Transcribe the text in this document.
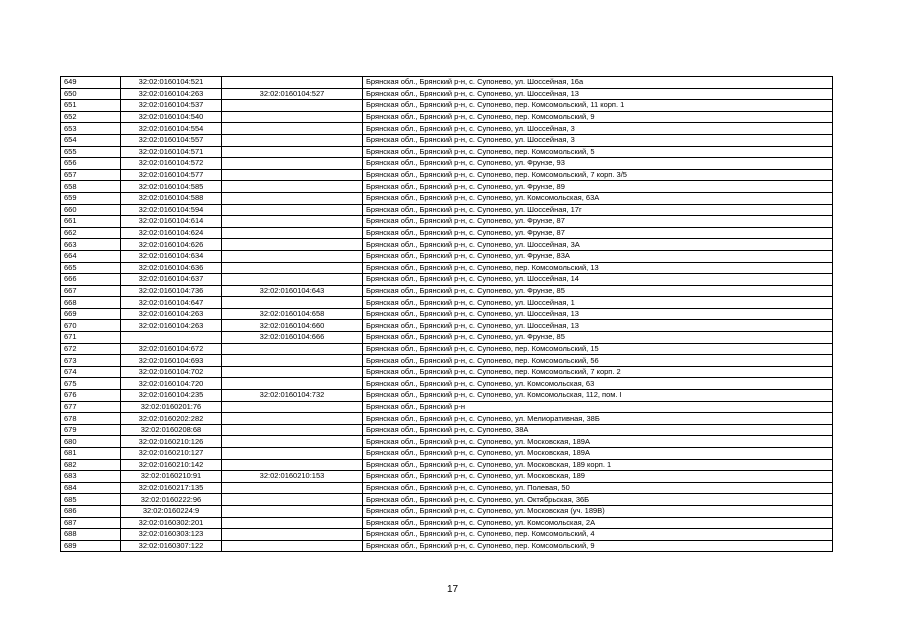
649	32:02:0160104:521		Брянская обл., Брянский р-н, с. Супонево, ул. Шоссейная, 16а
650	32:02:0160104:263	32:02:0160104:527	Брянская обл., Брянский р-н, с. Супонево, ул. Шоссейная, 13
651	32:02:0160104:537		Брянская обл., Брянский р-н, с. Супонево, пер. Комсомольский, 11 корп. 1
652	32:02:0160104:540		Брянская обл., Брянский р-н, с. Супонево, пер. Комсомольский, 9
653	32:02:0160104:554		Брянская обл., Брянский р-н, с. Супонево, ул. Шоссейная, 3
654	32:02:0160104:557		Брянская обл., Брянский р-н, с. Супонево, ул. Шоссейная, 3
655	32:02:0160104:571		Брянская обл., Брянский р-н, с. Супонево, пер. Комсомольский, 5
656	32:02:0160104:572		Брянская обл., Брянский р-н, с. Супонево, ул. Фрунзе, 93
657	32:02:0160104:577		Брянская обл., Брянский р-н, с. Супонево, пер. Комсомольский, 7 корп. 3/5
658	32:02:0160104:585		Брянская обл., Брянский р-н, с. Супонево, ул. Фрунзе, 89
659	32:02:0160104:588		Брянская обл., Брянский р-н, с. Супонево, ул. Комсомольская, 63А
660	32:02:0160104:594		Брянская обл., Брянский р-н, с. Супонево, ул. Шоссейная, 17г
661	32:02:0160104:614		Брянская обл., Брянский р-н, с. Супонево, ул. Фрунзе, 87
662	32:02:0160104:624		Брянская обл., Брянский р-н, с. Супонево, ул. Фрунзе, 87
663	32:02:0160104:626		Брянская обл., Брянский р-н, с. Супонево, ул. Шоссейная, 3А
664	32:02:0160104:634		Брянская обл., Брянский р-н, с. Супонево, ул. Фрунзе, 83А
665	32:02:0160104:636		Брянская обл., Брянский р-н, с. Супонево, пер. Комсомольский, 13
666	32:02:0160104:637		Брянская обл., Брянский р-н, с. Супонево, ул. Шоссейная, 14
667	32:02:0160104:736	32:02:0160104:643	Брянская обл., Брянский р-н, с. Супонево, ул. Фрунзе, 85
668	32:02:0160104:647		Брянская обл., Брянский р-н, с. Супонево, ул. Шоссейная, 1
669	32:02:0160104:263	32:02:0160104:658	Брянская обл., Брянский р-н, с. Супонево, ул. Шоссейная, 13
670	32:02:0160104:263	32:02:0160104:660	Брянская обл., Брянский р-н, с. Супонево, ул. Шоссейная, 13
671		32:02:0160104:666	Брянская обл., Брянский р-н, с. Супонево, ул. Фрунзе, 85
672	32:02:0160104:672		Брянская обл., Брянский р-н, с. Супонево, пер. Комсомольский, 15
673	32:02:0160104:693		Брянская обл., Брянский р-н, с. Супонево, пер. Комсомольский, 56
674	32:02:0160104:702		Брянская обл., Брянский р-н, с. Супонево, пер. Комсомольский, 7 корп. 2
675	32:02:0160104:720		Брянская обл., Брянский р-н, с. Супонево, ул. Комсомольская, 63
676	32:02:0160104:235	32:02:0160104:732	Брянская обл., Брянский р-н, с. Супонево, ул. Комсомольская, 112, пом. I
677	32:02:0160201:76		Брянская обл., Брянский р-н
678	32:02:0160202:282		Брянская обл., Брянский р-н, с. Супонево, ул. Мелиоративная, 38Б
679	32:02:0160208:68		Брянская обл., Брянский р-н, с. Супонево, 38А
680	32:02:0160210:126		Брянская обл., Брянский р-н, с. Супонево, ул. Московская, 189А
681	32:02:0160210:127		Брянская обл., Брянский р-н, с. Супонево, ул. Московская, 189А
682	32:02:0160210:142		Брянская обл., Брянский р-н, с. Супонево, ул. Московская, 189 корп. 1
683	32:02:0160210:91	32:02:0160210:153	Брянская обл., Брянский р-н, с. Супонево, ул. Московская, 189
684	32:02:0160217:135		Брянская обл., Брянский р-н, с. Супонево, ул. Полевая, 50
685	32:02:0160222:96		Брянская обл., Брянский р-н, с. Супонево, ул. Октябрьская, 36Б
686	32:02:0160224:9		Брянская обл., Брянский р-н, с. Супонево, ул. Московская (уч. 189В)
687	32:02:0160302:201		Брянская обл., Брянский р-н, с. Супонево, ул. Комсомольская, 2А
688	32:02:0160303:123		Брянская обл., Брянский р-н, с. Супонево, пер. Комсомольский, 4
689	32:02:0160307:122		Брянская обл., Брянский р-н, с. Супонево, пер. Комсомольский, 9
17
